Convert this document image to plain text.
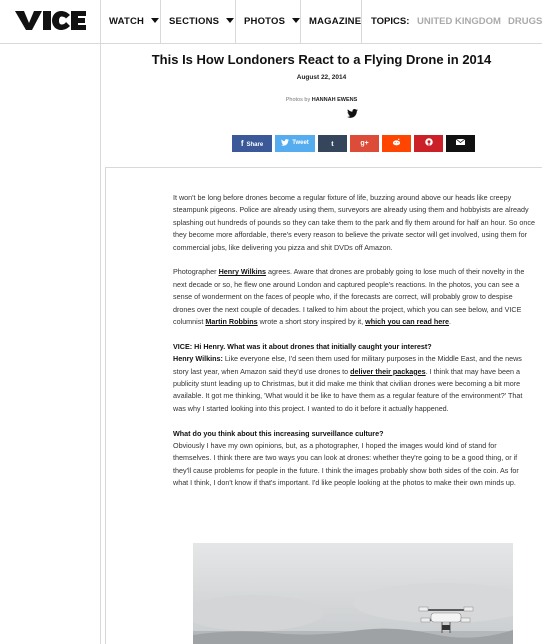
WATCH	SECTIONS	PHOTOS	MAGAZINE TOPICS: UNITED KINGDOM DRUGS
This Is How Londoners React to a Flying Drone in 2014
August 22, 2014
Photos by HANNAH EWENS
f Share	Tweet	t	g+

It won't be long before drones become a regular fixture of life, buzzing around above our heads like creepy steampunk pigeons. Police are already using them, surveyors are already using them and hobbyists are already splashing out hundreds of pounds so they can take them to the park and fly them around for half an hour. So once they become more affordable, there's every reason to believe the private sector will get involved, using them for commercial jobs, like delivering you pizza and shit DVDs off Amazon.

Photographer Henry Wilkins agrees. Aware that drones are probably going to lose much of their novelty in the next decade or so, he flew one around London and captured people's reactions. In the photos, you can see a sense of wonderment on the faces of people who, if the forecasts are correct, will probably grow to despise drones over the next couple of decades. I talked to him about the project, which you can see below, and VICE columnist Martin Robbins wrote a short story inspired by it, which you can read here.

VICE: Hi Henry. What was it about drones that initially caught your interest?
Henry Wilkins: Like everyone else, I'd seen them used for military purposes in the Middle East, and the news story last year, when Amazon said they'd use drones to deliver their packages. I think that may have been a publicity stunt leading up to Christmas, but it did make me think that civilian drones were becoming a bit more available. It got me thinking, 'What would it be like to have them as a regular feature of the environment?' That was why I started looking into this project. I wanted to do it before it actually happened.

What do you think about this increasing surveillance culture?
Obviously I have my own opinions, but, as a photographer, I hoped the images would kind of stand for themselves. I think there are two ways you can look at drones: whether they're going to be a good thing, or if they'll cause problems for people in the future. I think the images probably show both sides of the coin. As for what I think, I don't know if that's important. I'd like people looking at the photos to make their own minds up.
